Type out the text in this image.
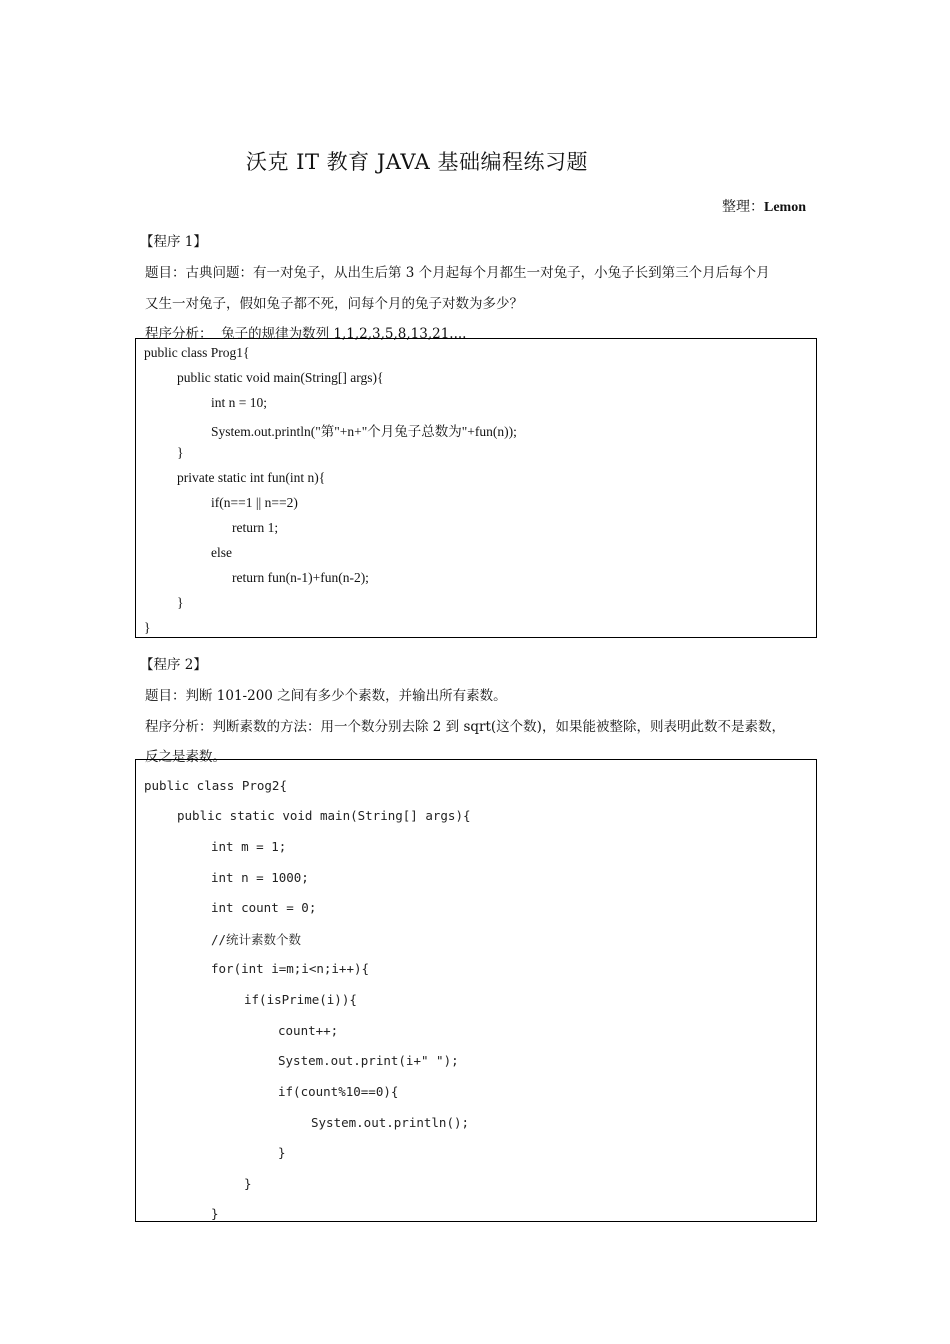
沃克 IT 教育 JAVA 基础编程练习题
整理：Lemon
【程序 1】
题目：古典问题：有一对兔子，从出生后第 3 个月起每个月都生一对兔子，小兔子长到第三个月后每个月
又生一对兔子，假如兔子都不死，问每个月的兔子对数为多少？
程序分析：  兔子的规律为数列 1,1,2,3,5,8,13,21....
public class Prog1{
public static void main(String[] args){
int n = 10;
System.out.println("第"+n+"个月兔子总数为"+fun(n));
}
private static int fun(int n){
if(n==1 || n==2)
return 1;
else
return fun(n-1)+fun(n-2);
}
}
【程序 2】
题目：判断 101-200 之间有多少个素数，并输出所有素数。
程序分析：判断素数的方法：用一个数分别去除 2 到 sqrt(这个数)，如果能被整除，则表明此数不是素数，
反之是素数。
public class Prog2{
public static void main(String[] args){
int m = 1;
int n = 1000;
int count = 0;
//统计素数个数
for(int i=m;i<n;i++){
if(isPrime(i)){
count++;
System.out.print(i+" ");
if(count%10==0){
System.out.println();
}
}
}
